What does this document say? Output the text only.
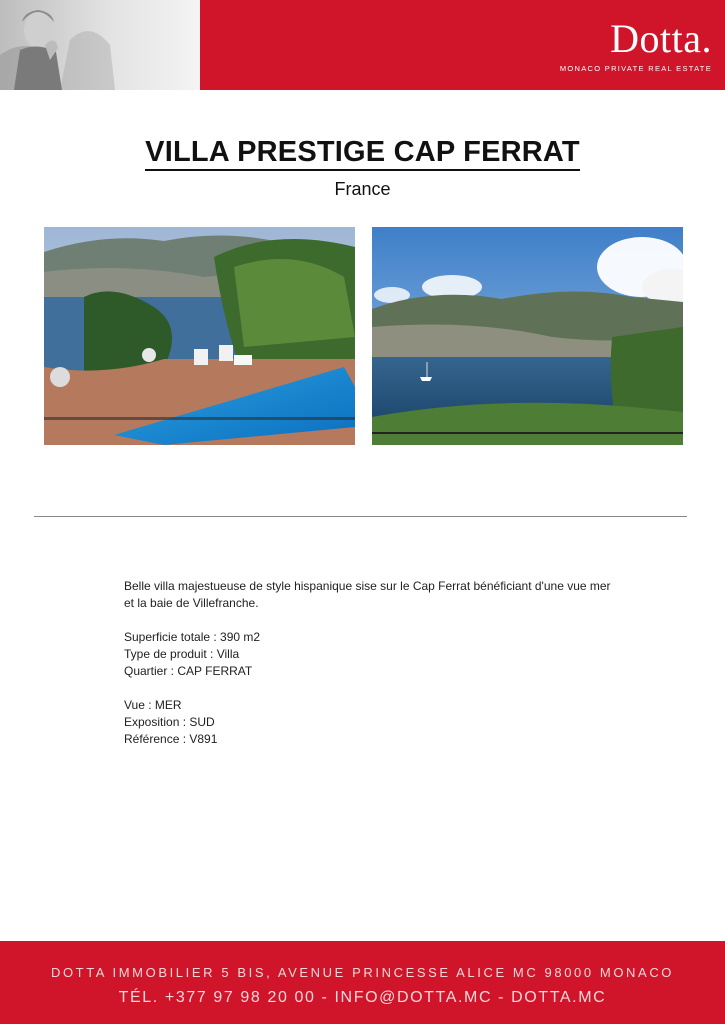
Dotta.
MONACO PRIVATE REAL ESTATE
VILLA PRESTIGE CAP FERRAT
France

Belle villa majestueuse de style hispanique sise sur le Cap Ferrat bénéficiant d'une vue mer et la baie de Villefranche.

Superficie totale : 390 m2

Type de produit : Villa

Quartier : CAP FERRAT

Vue : MER

Exposition : SUD

Référence : V891

DOTTA IMMOBILIER 5 BIS, AVENUE PRINCESSE ALICE MC 98000 MONACO
TÉL. +377 97 98 20 00 - INFO@DOTTA.MC - DOTTA.MC
